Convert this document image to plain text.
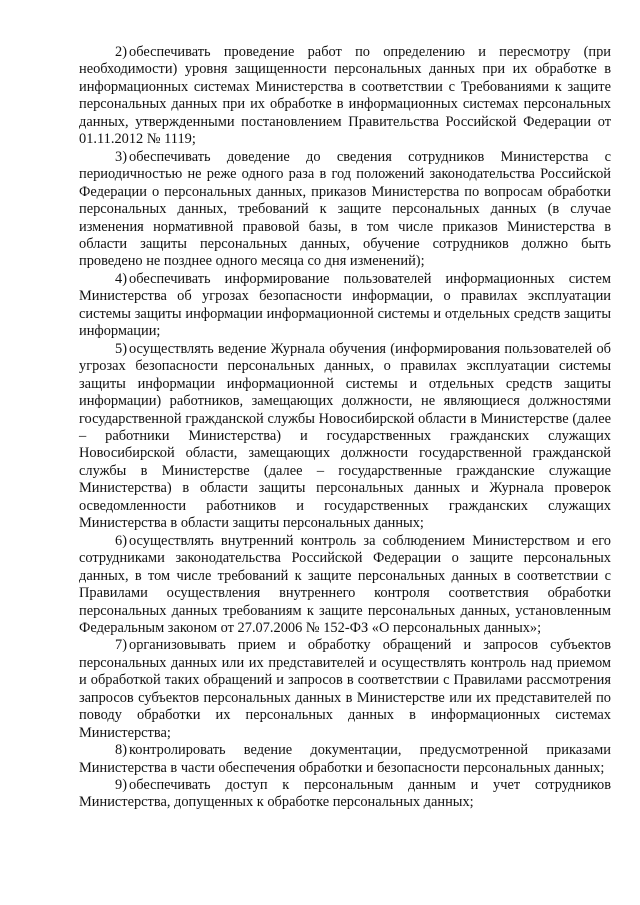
2) обеспечивать проведение работ по определению и пересмотру (при необходимости) уровня защищенности персональных данных при их обработке в информационных системах Министерства в соответствии с Требованиями к защите персональных данных при их обработке в информационных системах персональных данных, утвержденными постановлением Правительства Российской Федерации от 01.11.2012 № 1119;

3) обеспечивать доведение до сведения сотрудников Министерства с периодичностью не реже одного раза в год положений законодательства Российской Федерации о персональных данных, приказов Министерства по вопросам обработки персональных данных, требований к защите персональных данных (в случае изменения нормативной правовой базы, в том числе приказов Министерства в области защиты персональных данных, обучение сотрудников должно быть проведено не позднее одного месяца со дня изменений);

4) обеспечивать информирование пользователей информационных систем Министерства об угрозах безопасности информации, о правилах эксплуатации системы защиты информации информационной системы и отдельных средств защиты информации;

5) осуществлять ведение Журнала обучения (информирования пользователей об угрозах безопасности персональных данных, о правилах эксплуатации системы защиты информации информационной системы и отдельных средств защиты информации) работников, замещающих должности, не являющиеся должностями государственной гражданской службы Новосибирской области в Министерстве (далее – работники Министерства) и государственных гражданских служащих Новосибирской области, замещающих должности государственной гражданской службы в Министерстве (далее – государственные гражданские служащие Министерства) в области защиты персональных данных и Журнала проверок осведомленности работников и государственных гражданских служащих Министерства в области защиты персональных данных;

6) осуществлять внутренний контроль за соблюдением Министерством и его сотрудниками законодательства Российской Федерации о защите персональных данных, в том числе требований к защите персональных данных в соответствии с Правилами осуществления внутреннего контроля соответствия обработки персональных данных требованиям к защите персональных данных, установленным Федеральным законом от 27.07.2006 № 152-ФЗ «О персональных данных»;

7) организовывать прием и обработку обращений и запросов субъектов персональных данных или их представителей и осуществлять контроль над приемом и обработкой таких обращений и запросов в соответствии с Правилами рассмотрения запросов субъектов персональных данных в Министерстве или их представителей по поводу обработки их персональных данных в информационных системах Министерства;

8) контролировать ведение документации, предусмотренной приказами Министерства в части обеспечения обработки и безопасности персональных данных;

9) обеспечивать доступ к персональным данным и учет сотрудников Министерства, допущенных к обработке персональных данных;
